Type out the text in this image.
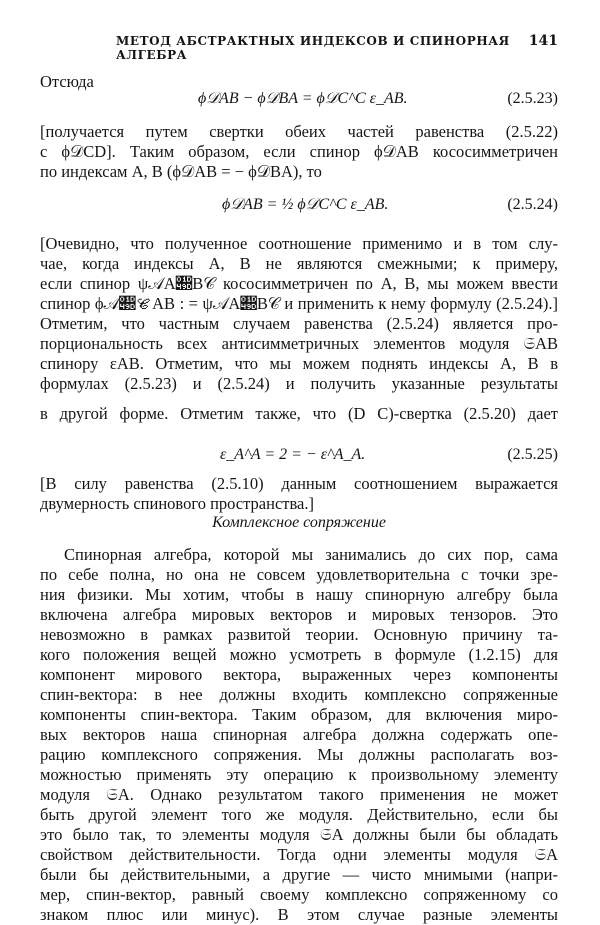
МЕТОД АБСТРАКТНЫХ ИНДЕКСОВ И СПИНОРНАЯ АЛГЕБРА
141
Отсюда
ϕ𝒟AB − ϕ𝒟BA = ϕ𝒟C^C ε_AB.	(2.5.23)
[получается путем свертки обеих частей равенства (2.5.22)
с ϕ𝒟CD]. Таким образом, если спинор ϕ𝒟AB кососимметричен
по индексам A, B (ϕ𝒟AB = − ϕ𝒟BA), то
ϕ𝒟AB = ½ ϕ𝒟C^C ε_AB.	(2.5.24)
[Очевидно, что полученное соотношение применимо и в том слу-
чае, когда индексы A, B не являются смежными; к примеру,
если спинор ψ𝒜A𝒝B𝒞 кососимметричен по A, B, мы можем ввести
спинор ϕ𝒜𝒝𝒞AB : = ψ𝒜A𝒝B𝒞 и применить к нему формулу (2.5.24).]
Отметим, что частным случаем равенства (2.5.24) является про-
порциональность всех антисимметричных элементов модуля 𝔖AB
спинору εAB. Отметим, что мы можем поднять индексы A, B в
формулах (2.5.23) и (2.5.24) и получить указанные результаты
в другой форме. Отметим также, что (D C)-свертка (2.5.20) дает
ε_A^A = 2 = − ε^A_A.	(2.5.25)
[В силу равенства (2.5.10) данным соотношением выражается
двумерность спинового пространства.]
Комплексное сопряжение
Спинорная алгебра, которой мы занимались до сих пор, сама
по себе полна, но она не совсем удовлетворительна с точки зре-
ния физики. Мы хотим, чтобы в нашу спинорную алгебру была
включена алгебра мировых векторов и мировых тензоров. Это
невозможно в рамках развитой теории. Основную причину та-
кого положения вещей можно усмотреть в формуле (1.2.15) для
компонент мирового вектора, выраженных через компоненты
спин-вектора: в нее должны входить комплексно сопряженные
компоненты спин-вектора. Таким образом, для включения миро-
вых векторов наша спинорная алгебра должна содержать опе-
рацию комплексного сопряжения. Мы должны располагать воз-
можностью применять эту операцию к произвольному элементу
модуля 𝔖A. Однако результатом такого применения не может
быть другой элемент того же модуля. Действительно, если бы
это было так, то элементы модуля 𝔖A должны были бы обладать
свойством действительности. Тогда одни элементы модуля 𝔖A
были бы действительными, а другие — чисто мнимыми (напри-
мер, спин-вектор, равный своему комплексно сопряженному со
знаком плюс или минус). В этом случае разные элементы
